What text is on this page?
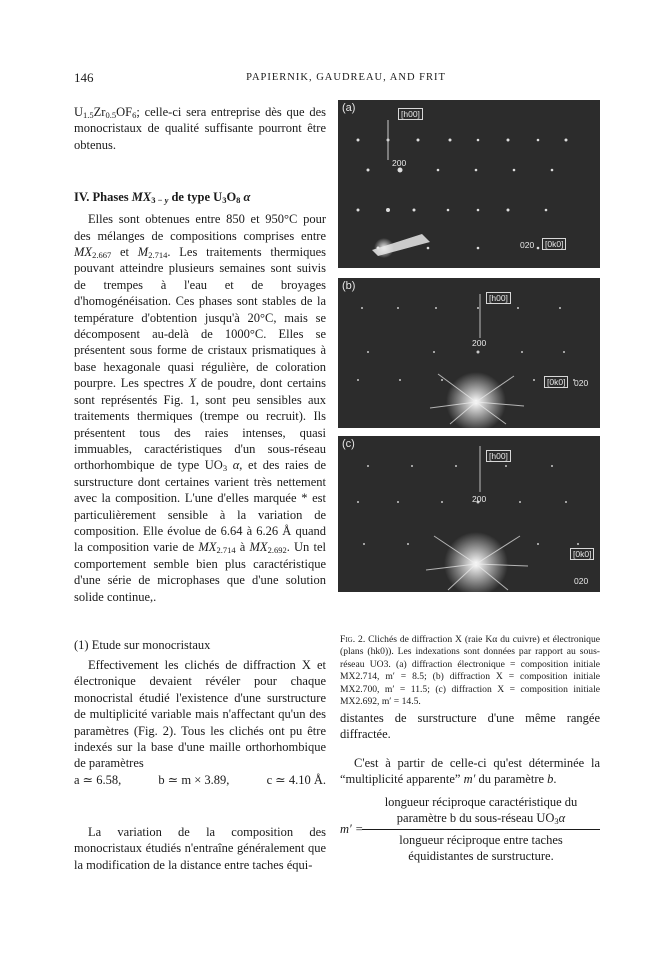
146	PAPIERNIK, GAUDREAU, AND FRIT

$U_{1.5}Zr_{0.5}OF_6$; celle-ci sera entreprise dès que des monocristaux de qualité suffisante pourront être obtenus.

IV. Phases $MX_{3 - y}$ de type $U_3O_8$ α

Elles sont obtenues entre 850 et 950°C pour des mélanges de compositions comprises entre $MX_{2.667}$ et $M_{2.714}$. Les traitements thermiques pouvant atteindre plusieurs semaines sont suivis de trempes à l'eau et de broyages d'homogénéisation. Ces phases sont stables de la température d'obtention jusqu'à 20°C, mais se décomposent au-delà de 1000°C. Elles se présentent sous forme de cristaux prismatiques à base hexagonale quasi régulière, de coloration pourpre. Les spectres X de poudre, dont certains sont représentés Fig. 1, sont peu sensibles aux traitements thermiques (trempe ou recruit). Ils présentent tous des raies intenses, quasi immuables, caractéristiques d'un sous-réseau orthorhombique de type $UO_3$ α, et des raies de surstructure dont certaines varient très nettement avec la composition. L'une d'elles marquée * est particulièrement sensible à la variation de composition. Elle évolue de 6.64 à 6.26 Å quand la composition varie de $MX_{2.714}$ à $MX_{2.692}$. Un tel comportement semble bien plus caractéristique d'une série de microphases que d'une solution solide continue,.

(1) Etude sur monocristaux

Effectivement les clichés de diffraction X et électronique devaient révéler pour chaque monocristal étudié l'existence d'une surstructure de multiplicité variable mais n'affectant qu'un des paramètres (Fig. 2). Tous les clichés ont pu être indexés sur la base d'une maille orthorhombique de paramètres

a ≃ 6.58,	b ≃ m × 3.89,	c ≃ 4.10 Å.

La variation de la composition des monocristaux étudiés n'entraîne généralement que la modification de la distance entre taches équi-

(a)	[h00]
200
020	[0k0]
(b)
[h00]
200
[0k0]	020
(c)
[h00]
200
[0k0]
020
Fig. 2. Clichés de diffraction X (raie Kα du cuivre) et électronique (plans (hk0)). Les indexations sont données par rapport au sous-réseau UO3. (a) diffraction électronique = composition initiale MX2.714, m′ = 8.5; (b) diffraction X = composition initiale MX2.700, m′ = 11.5; (c) diffraction X = composition initiale MX2.692, m′ = 14.5.

distantes de surstructure d'une même rangée diffractée.

C'est à partir de celle-ci qu'est déterminée la “multiplicité apparente” m′ du paramètre b.

m′ =
longueur réciproque caractéristique du
paramètre b du sous-réseau $UO_3\alpha$
longueur réciproque entre taches
équidistantes de surstructure.
